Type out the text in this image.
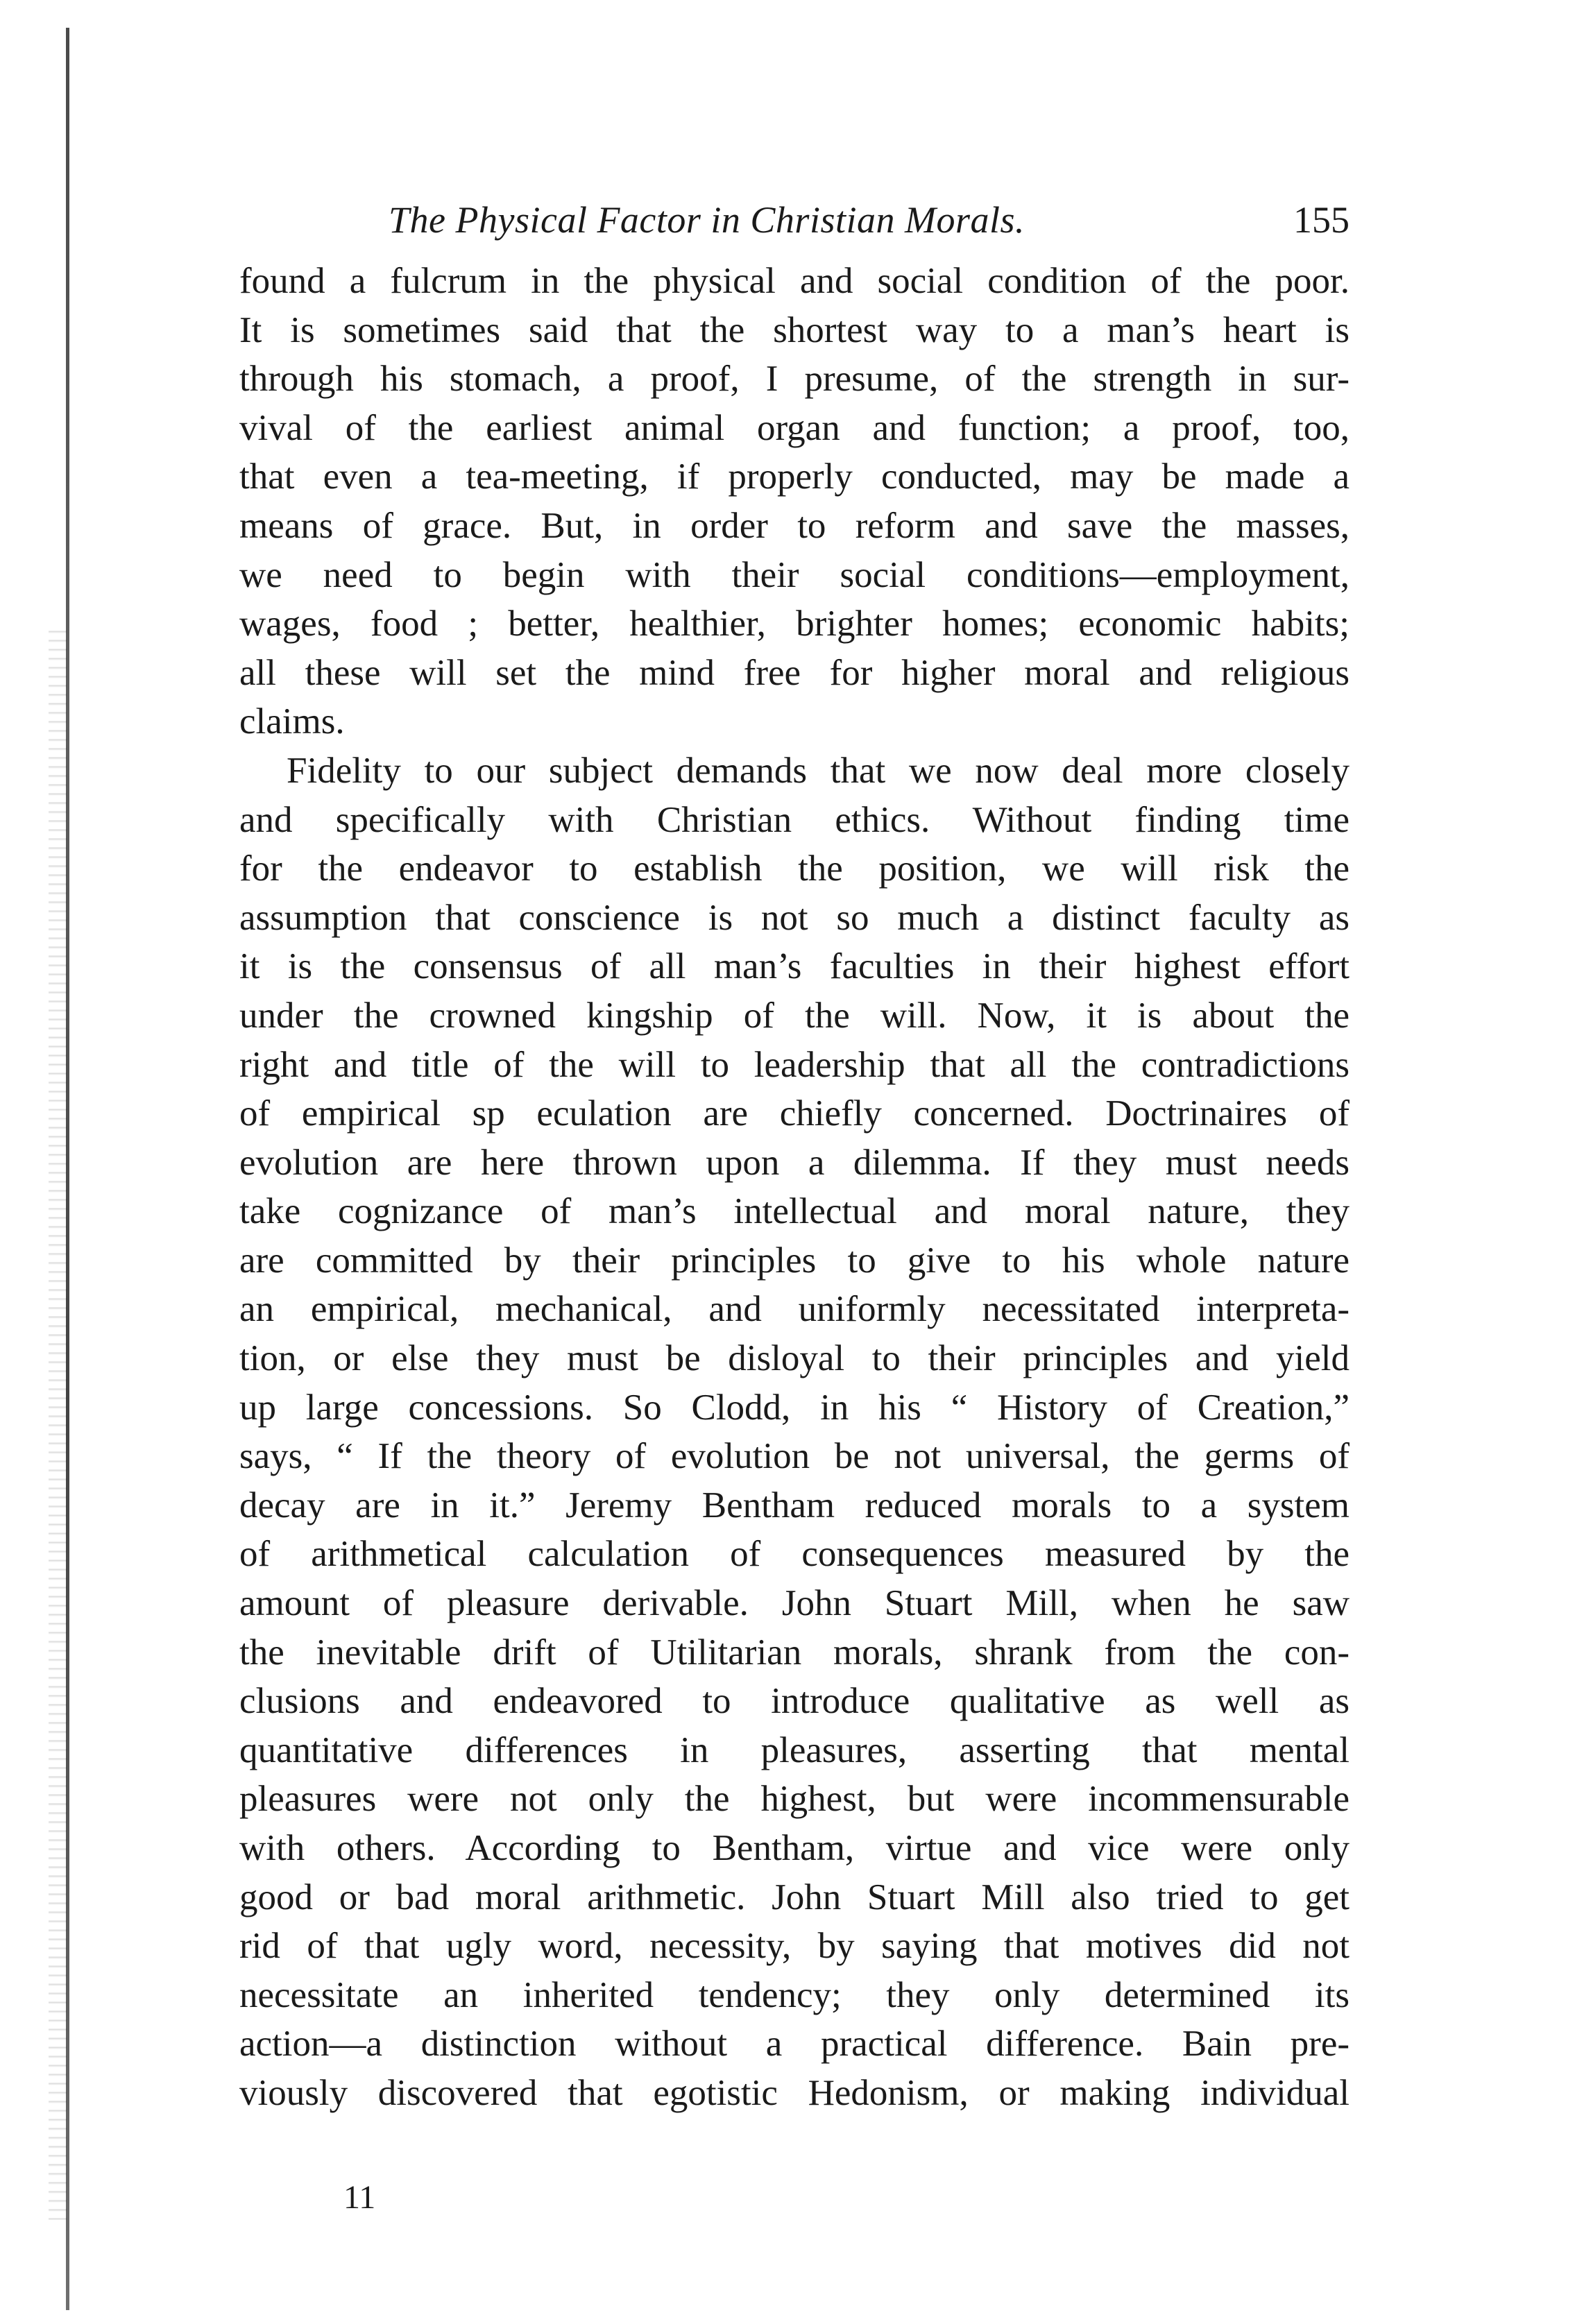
The Physical Factor in Christian Morals.	155
found a fulcrum in the physical and social condition of the poor.
It is sometimes said that the shortest way to a man’s heart is
through his stomach, a proof, I presume, of the strength in sur-
vival of the earliest animal organ and function; a proof, too,
that even a tea-meeting, if properly conducted, may be made a
means of grace. But, in order to reform and save the masses,
we need to begin with their social conditions—employment,
wages, food ; better, healthier, brighter homes; economic habits;
all these will set the mind free for higher moral and religious
claims.
Fidelity to our subject demands that we now deal more closely
and specifically with Christian ethics. Without finding time
for the endeavor to establish the position, we will risk the
assumption that conscience is not so much a distinct faculty as
it is the consensus of all man’s faculties in their highest effort
under the crowned kingship of the will. Now, it is about the
right and title of the will to leadership that all the contradictions
of empirical sp eculation are chiefly concerned. Doctrinaires of
evolution are here thrown upon a dilemma. If they must needs
take cognizance of man’s intellectual and moral nature, they
are committed by their principles to give to his whole nature
an empirical, mechanical, and uniformly necessitated interpreta-
tion, or else they must be disloyal to their principles and yield
up large concessions. So Clodd, in his “ History of Creation,”
says, “ If the theory of evolution be not universal, the germs of
decay are in it.” Jeremy Bentham reduced morals to a system
of arithmetical calculation of consequences measured by the
amount of pleasure derivable. John Stuart Mill, when he saw
the inevitable drift of Utilitarian morals, shrank from the con-
clusions and endeavored to introduce qualitative as well as
quantitative differences in pleasures, asserting that mental
pleasures were not only the highest, but were incommensurable
with others. According to Bentham, virtue and vice were only
good or bad moral arithmetic. John Stuart Mill also tried to get
rid of that ugly word, necessity, by saying that motives did not
necessitate an inherited tendency; they only determined its
action—a distinction without a practical difference. Bain pre-
viously discovered that egotistic Hedonism, or making individual
11
